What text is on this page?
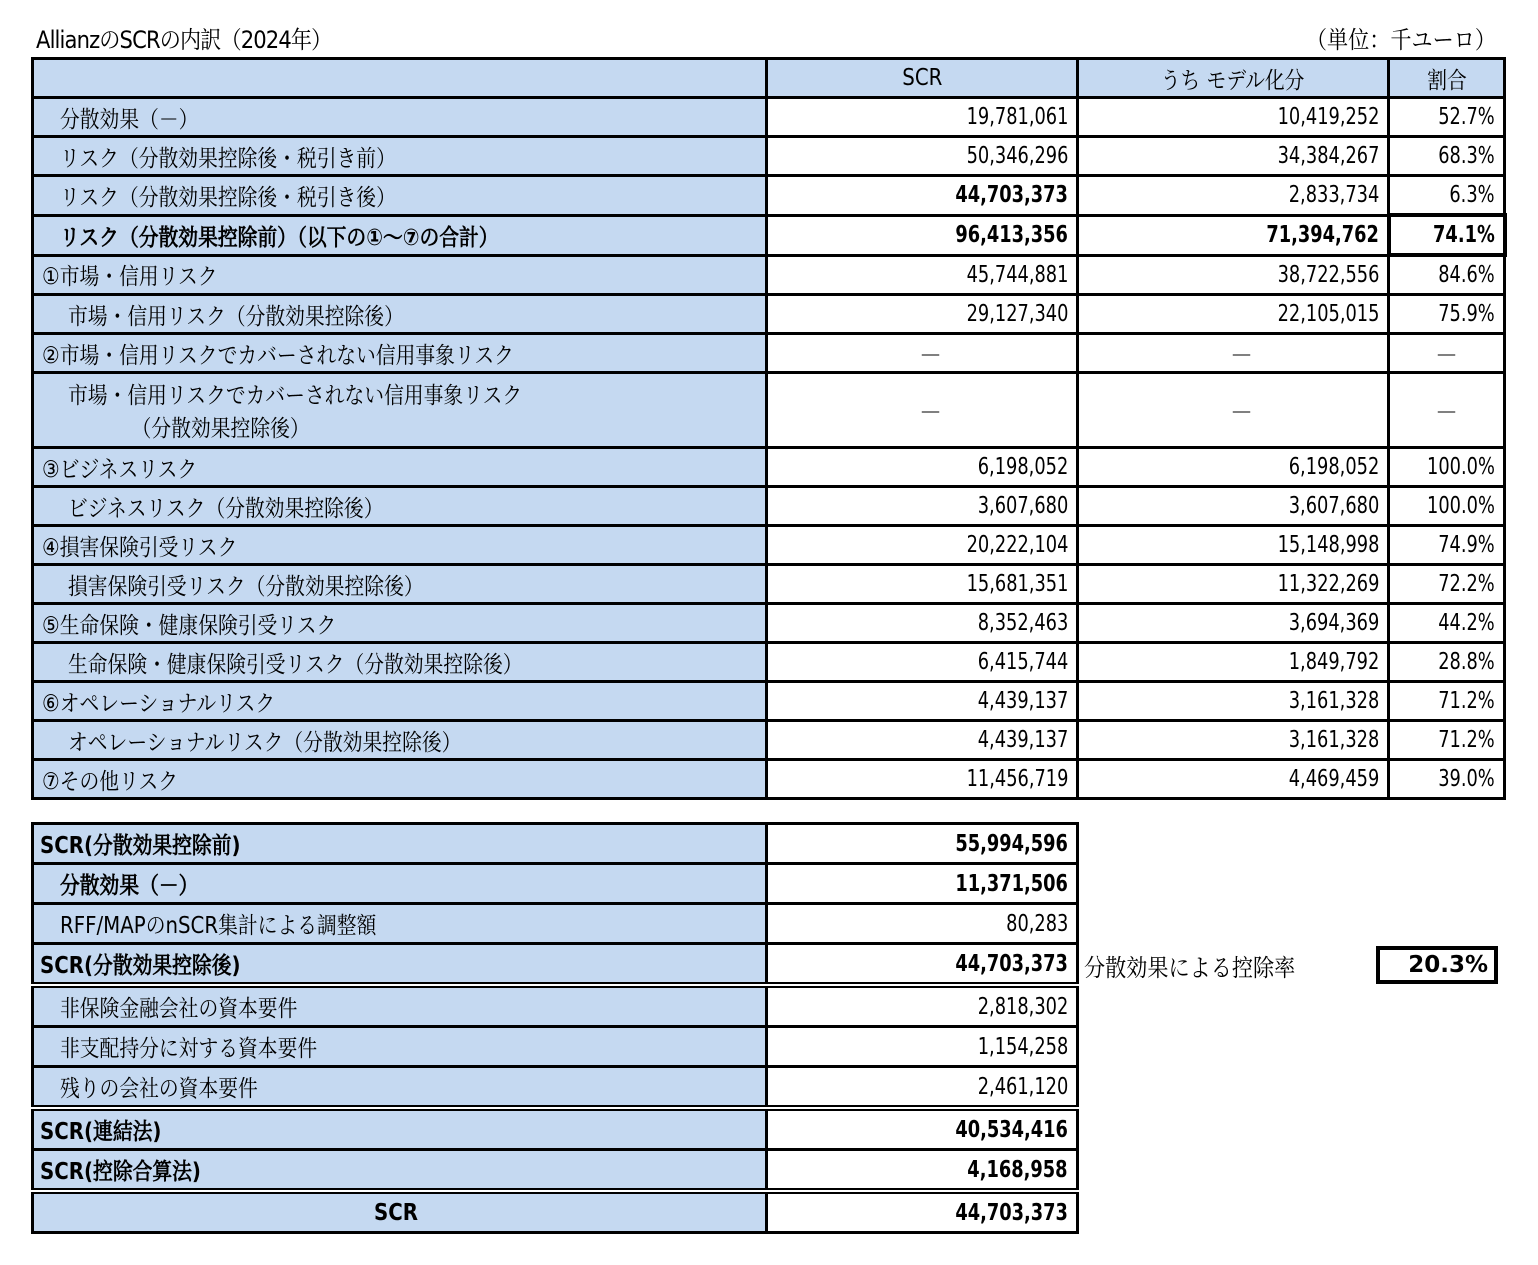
AllianzのSCRの内訳（2024年）	（単位：千ユーロ）
	SCR	うち モデル化分	割合
分散効果（－）	19,781,061	10,419,252	52.7%
リスク（分散効果控除後・税引き前）	50,346,296	34,384,267	68.3%
リスク（分散効果控除後・税引き後）	44,703,373	2,833,734	6.3%
リスク（分散効果控除前）（以下の①～⑦の合計）	96,413,356	71,394,762	74.1%
①市場・信用リスク	45,744,881	38,722,556	84.6%
市場・信用リスク（分散効果控除後）	29,127,340	22,105,015	75.9%
②市場・信用リスクでカバーされない信用事象リスク	－	－	－
市場・信用リスクでカバーされない信用事象リスク
（分散効果控除後）	－	－	－
③ビジネスリスク	6,198,052	6,198,052	100.0%
ビジネスリスク（分散効果控除後）	3,607,680	3,607,680	100.0%
④損害保険引受リスク	20,222,104	15,148,998	74.9%
損害保険引受リスク（分散効果控除後）	15,681,351	11,322,269	72.2%
⑤生命保険・健康保険引受リスク	8,352,463	3,694,369	44.2%
生命保険・健康保険引受リスク（分散効果控除後）	6,415,744	1,849,792	28.8%
⑥オペレーショナルリスク	4,439,137	3,161,328	71.2%
オペレーショナルリスク（分散効果控除後）	4,439,137	3,161,328	71.2%
⑦その他リスク	11,456,719	4,469,459	39.0%
SCR(分散効果控除前)	55,994,596
分散効果（－）	11,371,506
RFF/MAPのnSCR集計による調整額	80,283
SCR(分散効果控除後)	44,703,373
非保険金融会社の資本要件	2,818,302
非支配持分に対する資本要件	1,154,258
残りの会社の資本要件	2,461,120
SCR(連結法)	40,534,416
SCR(控除合算法)	4,168,958
SCR	44,703,373
分散効果による控除率	20.3%
